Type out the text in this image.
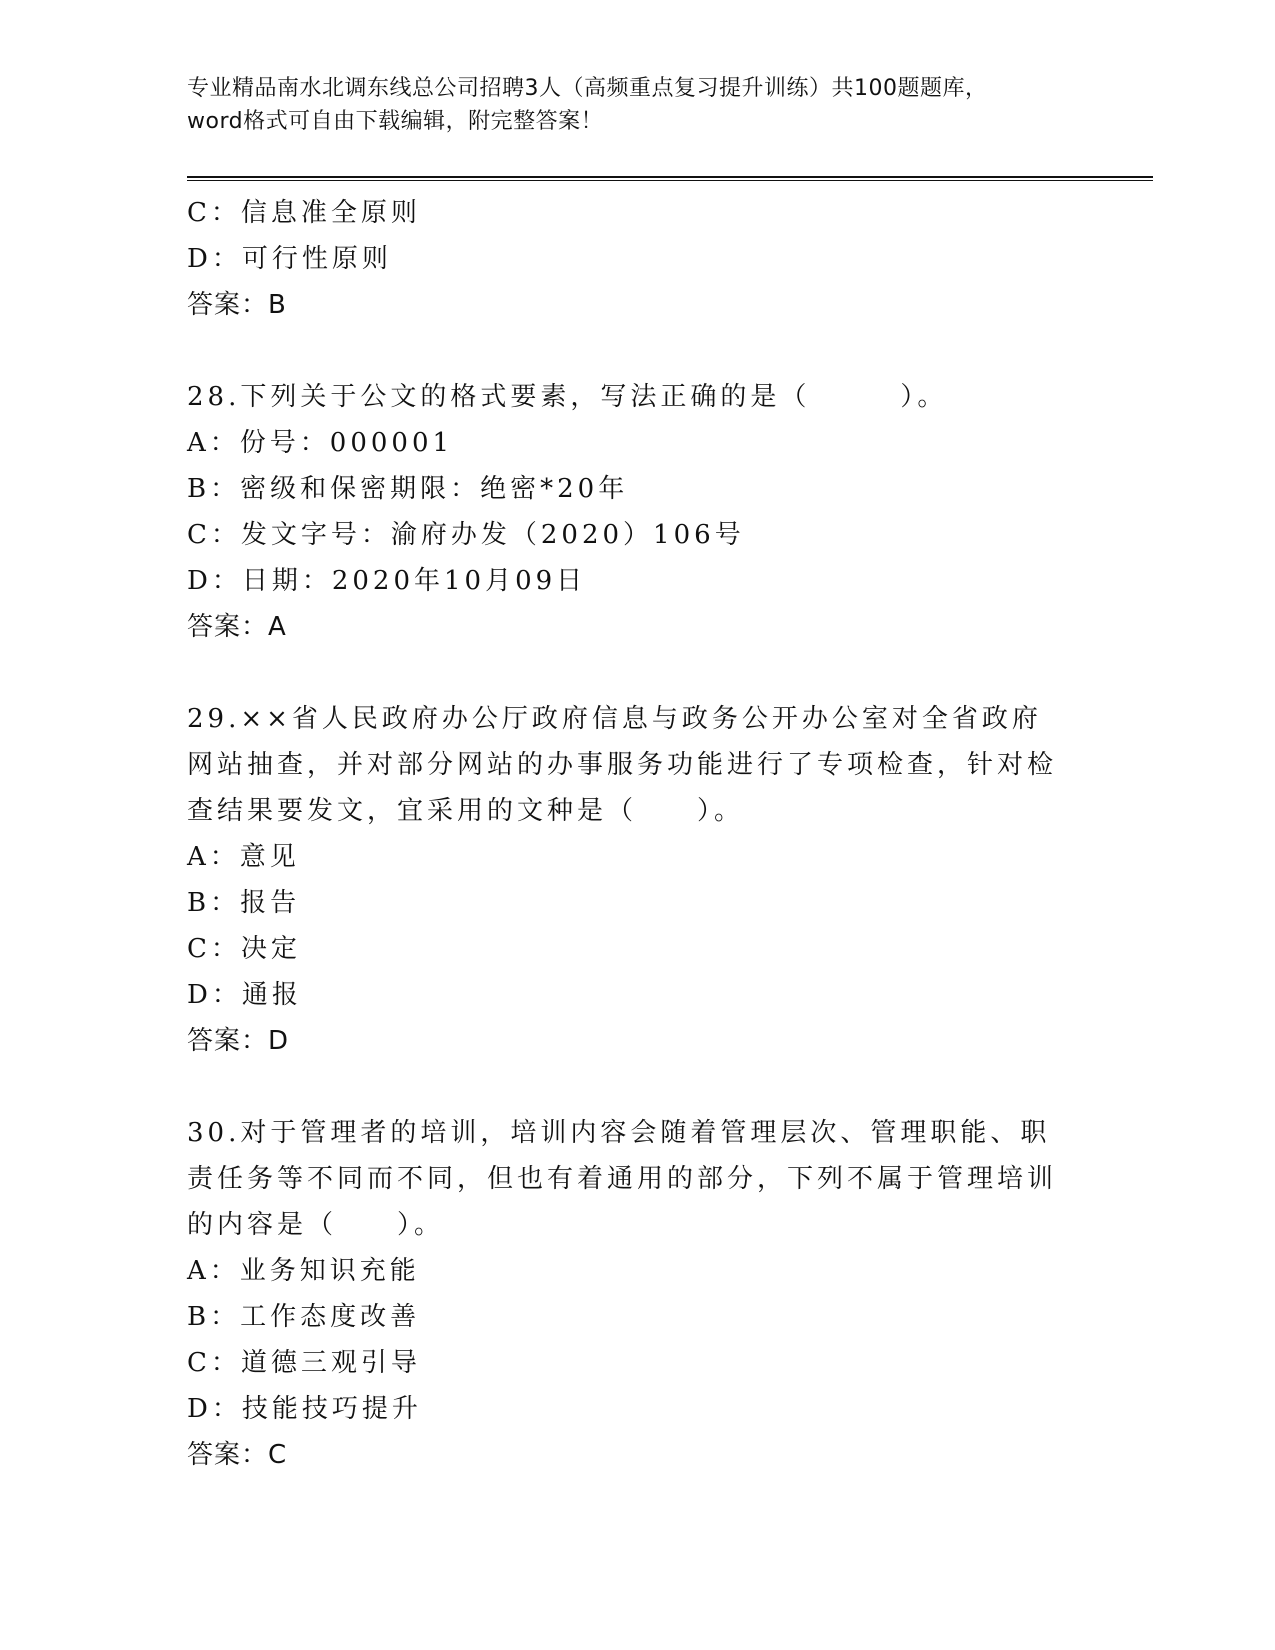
专业精品南水北调东线总公司招聘3人（高频重点复习提升训练）共100题题库，word格式可自由下载编辑，附完整答案！
C：信息准全原则
D：可行性原则
答案：B
28.下列关于公文的格式要素，写法正确的是（　　　）。
A：份号：000001
B：密级和保密期限：绝密*20年
C：发文字号：渝府办发（2020）106号
D：日期：2020年10月09日
答案：A
29.××省人民政府办公厅政府信息与政务公开办公室对全省政府网站抽查，并对部分网站的办事服务功能进行了专项检查，针对检查结果要发文，宜采用的文种是（　　）。
A：意见
B：报告
C：决定
D：通报
答案：D
30.对于管理者的培训，培训内容会随着管理层次、管理职能、职责任务等不同而不同，但也有着通用的部分，下列不属于管理培训的内容是（　　）。
A：业务知识充能
B：工作态度改善
C：道德三观引导
D：技能技巧提升
答案：C
